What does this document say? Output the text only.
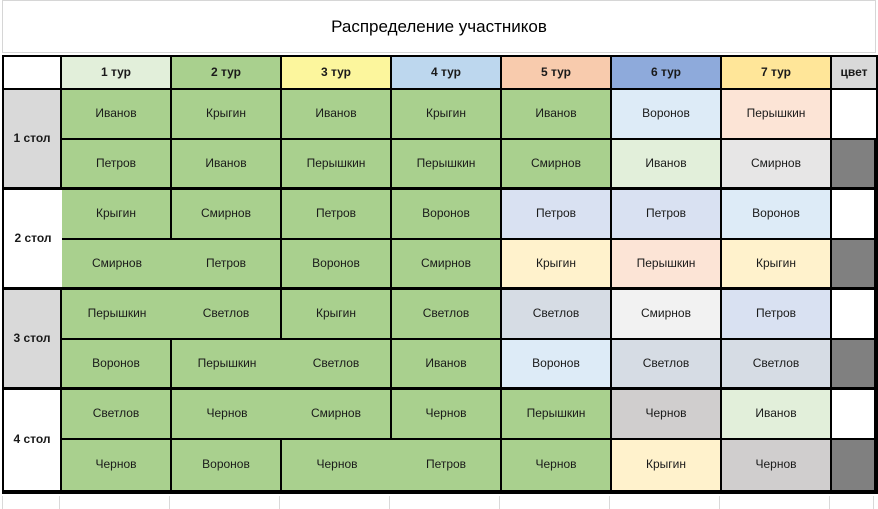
Распределение участников
1 тур	2 тур	3 тур	4 тур	5 тур	6 тур	7 тур	цвет
1 стол
Иванов	Крыгин	Иванов	Крыгин	Иванов	Воронов	Перышкин
Петров	Иванов	Перышкин	Перышкин	Смирнов	Иванов	Смирнов
2 стол
Крыгин	Смирнов	Петров	Воронов	Петров	Петров	Воронов
Смирнов	Петров	Воронов	Смирнов	Крыгин	Перышкин	Крыгин
3 стол
Перышкин	Светлов	Крыгин	Светлов	Светлов	Смирнов	Петров
Воронов	Перышкин	Светлов	Иванов	Воронов	Светлов	Светлов
4 стол
Светлов	Чернов	Смирнов	Чернов	Перышкин	Чернов	Иванов
Чернов	Воронов	Чернов	Петров	Чернов	Крыгин	Чернов
